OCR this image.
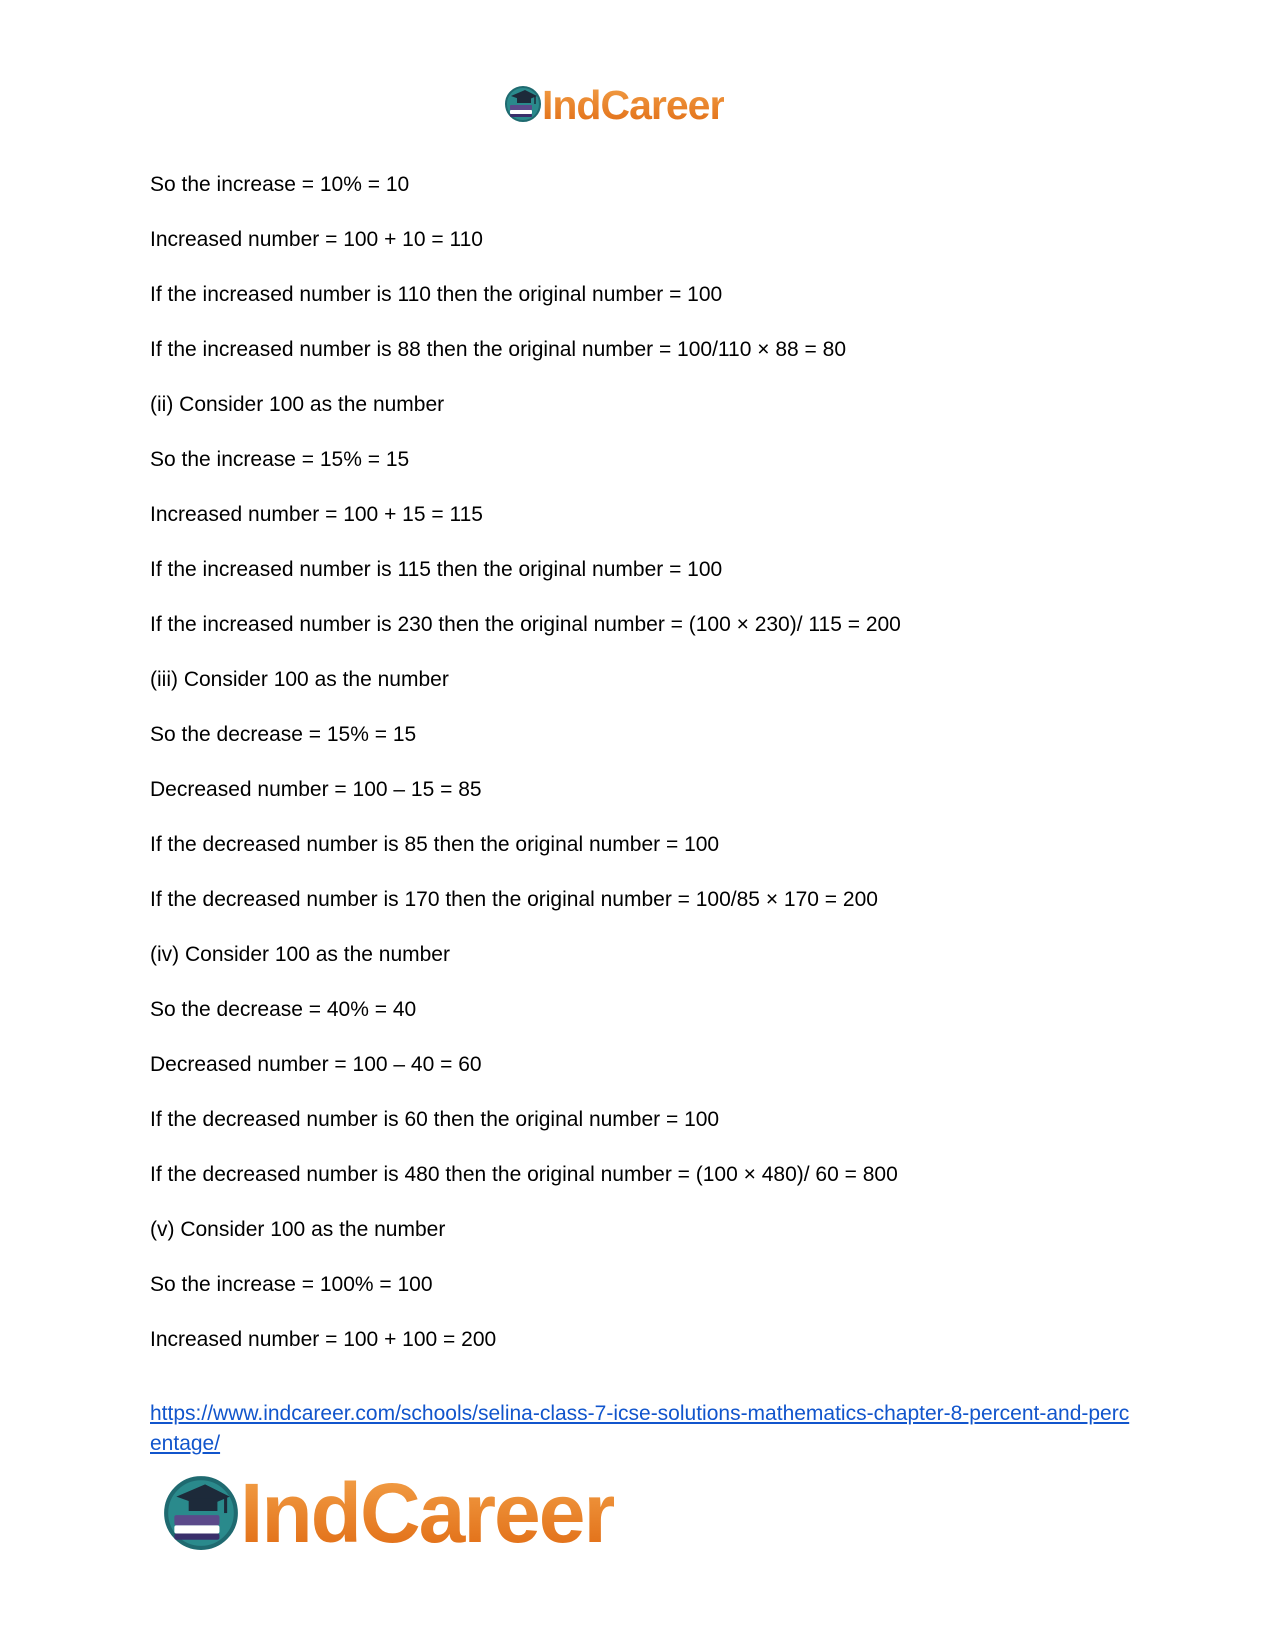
IndCareer

So the increase = 10% = 10

Increased number = 100 + 10 = 110

If the increased number is 110 then the original number = 100

If the increased number is 88 then the original number = 100/110 × 88 = 80

(ii) Consider 100 as the number

So the increase = 15% = 15

Increased number = 100 + 15 = 115

If the increased number is 115 then the original number = 100

If the increased number is 230 then the original number = (100 × 230)/ 115 = 200

(iii) Consider 100 as the number

So the decrease = 15% = 15

Decreased number = 100 – 15 = 85

If the decreased number is 85 then the original number = 100

If the decreased number is 170 then the original number = 100/85 × 170 = 200

(iv) Consider 100 as the number

So the decrease = 40% = 40

Decreased number = 100 – 40 = 60

If the decreased number is 60 then the original number = 100

If the decreased number is 480 then the original number = (100 × 480)/ 60 = 800

(v) Consider 100 as the number

So the increase = 100% = 100

Increased number = 100 + 100 = 200

https://www.indcareer.com/schools/selina-class-7-icse-solutions-mathematics-chapter-8-percent-and-percentage/
IndCareer
